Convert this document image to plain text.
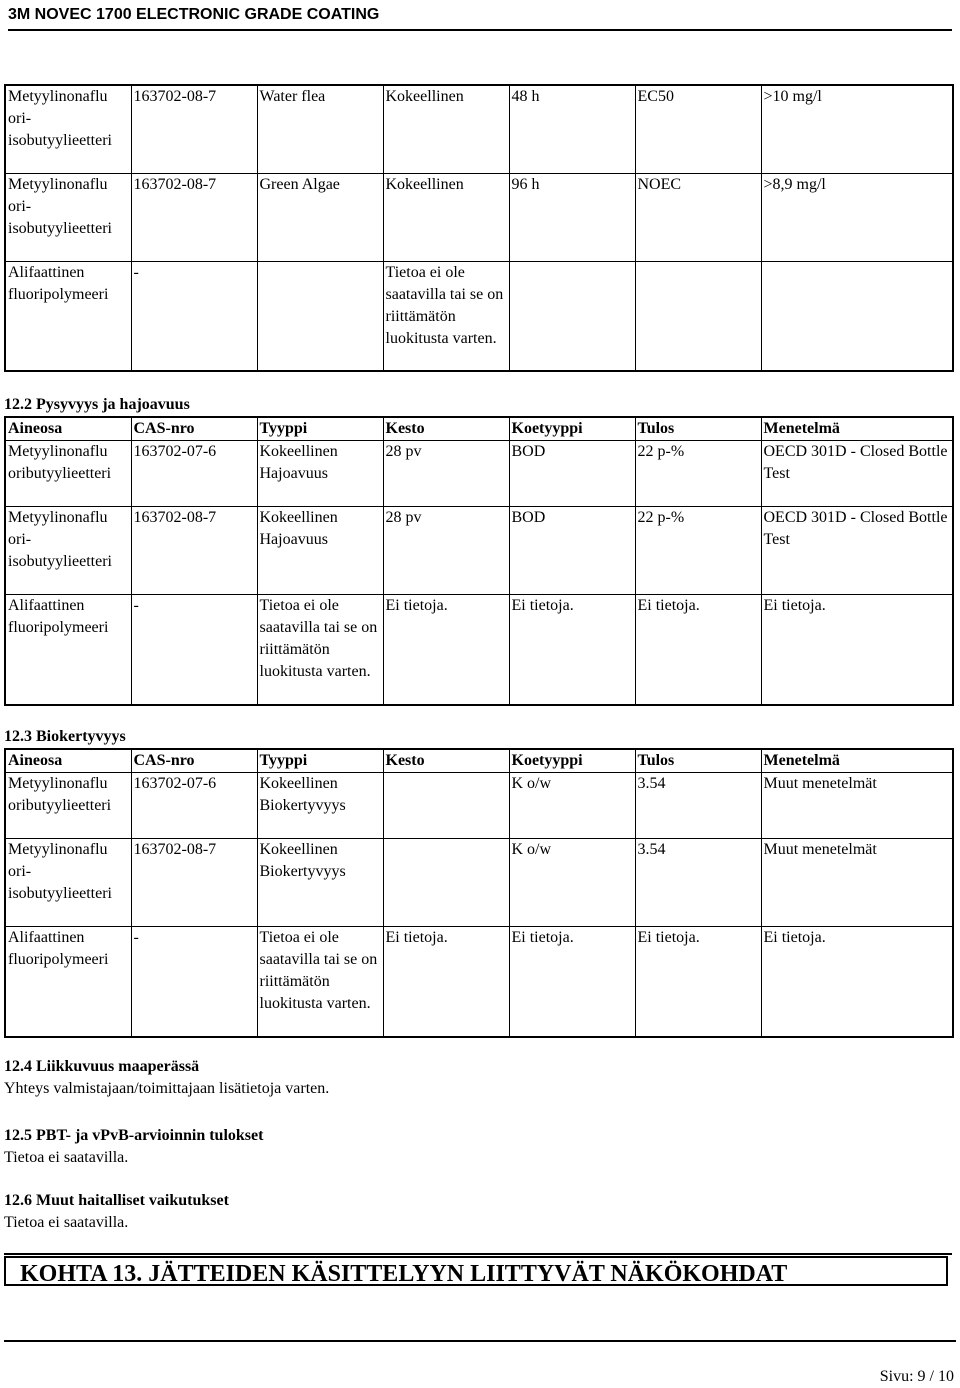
3M NOVEC 1700 ELECTRONIC GRADE COATING
Metyylinonaflu ori-isobutyylieetteri	163702-08-7	Water flea	Kokeellinen	48 h	EC50	>10 mg/l
Metyylinonaflu ori-isobutyylieetteri	163702-08-7	Green Algae	Kokeellinen	96 h	NOEC	>8,9 mg/l
Alifaattinen fluoripolymeeri	-		Tietoa ei ole saatavilla tai se on riittämätön luokitusta varten.			
12.2 Pysyvyys ja hajoavuus
Aineosa	CAS-nro	Tyyppi	Kesto	Koetyyppi	Tulos	Menetelmä
Metyylinonaflu oributyylieetteri	163702-07-6	Kokeellinen Hajoavuus	28 pv	BOD	22 p-%	OECD 301D - Closed Bottle Test
Metyylinonaflu ori-isobutyylieetteri	163702-08-7	Kokeellinen Hajoavuus	28 pv	BOD	22 p-%	OECD 301D - Closed Bottle Test
Alifaattinen fluoripolymeeri	-	Tietoa ei ole saatavilla tai se on riittämätön luokitusta varten.	Ei tietoja.	Ei tietoja.	Ei tietoja.	Ei tietoja.
12.3 Biokertyvyys
Aineosa	CAS-nro	Tyyppi	Kesto	Koetyyppi	Tulos	Menetelmä
Metyylinonaflu oributyylieetteri	163702-07-6	Kokeellinen Biokertyvyys		K o/w	3.54	Muut menetelmät
Metyylinonaflu ori-isobutyylieetteri	163702-08-7	Kokeellinen Biokertyvyys		K o/w	3.54	Muut menetelmät
Alifaattinen fluoripolymeeri	-	Tietoa ei ole saatavilla tai se on riittämätön luokitusta varten.	Ei tietoja.	Ei tietoja.	Ei tietoja.	Ei tietoja.
12.4 Liikkuvuus maaperässä
Yhteys valmistajaan/toimittajaan lisätietoja varten.
12.5 PBT- ja vPvB-arvioinnin tulokset
Tietoa ei saatavilla.
12.6 Muut haitalliset vaikutukset
Tietoa ei saatavilla.
KOHTA 13. JÄTTEIDEN KÄSITTELYYN LIITTYVÄT NÄKÖKOHDAT
Sivu: 9 / 10
